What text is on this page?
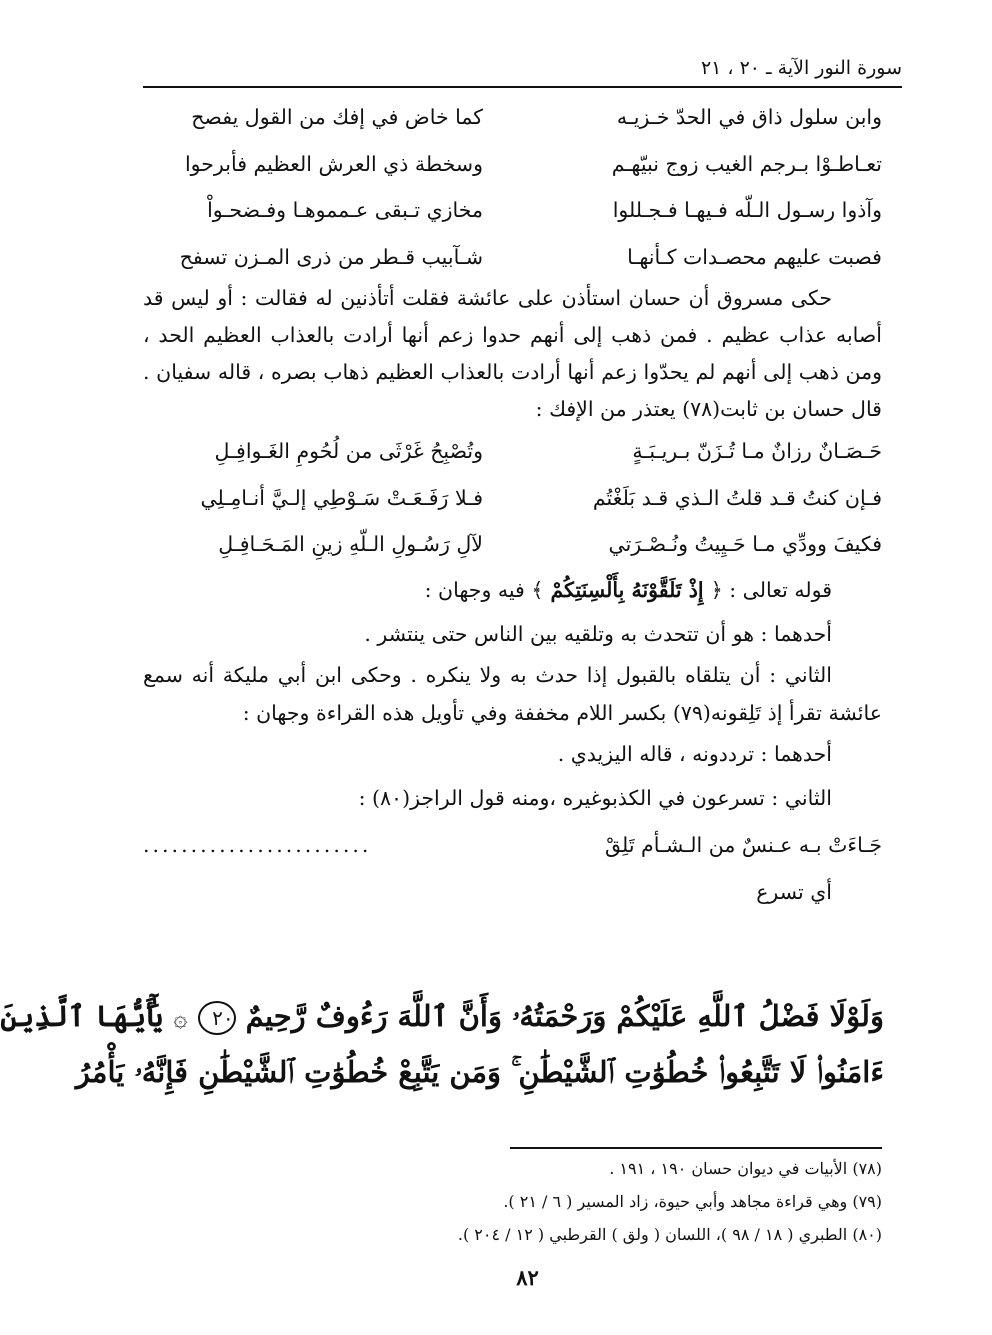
سورة النور الآية ـ ٢٠ ، ٢١
وابن سلول ذاق في الحدّ خـزيـه
كما خاض في إفك من القول يفصح
تعـاطـوْا بـرجم الغيب زوج نبيّهـم
وسخطة ذي العرش العظيم فأبرحوا
وآذوا رسـول الـلّه فـيهـا فـجـللوا
مخازي تـبقى عـمموهـا وفـضحـواْ
فصبت عليهم محصـدات كـأنهـا
شـآبيب قـطر من ذرى المـزن تسفح

حكى مسروق أن حسان استأذن على عائشة فقلت أتأذنين له فقالت : أو ليس قد أصابه عذاب عظيم . فمن ذهب إلى أنهم حدوا زعم أنها أرادت بالعذاب العظيم الحد ، ومن ذهب إلى أنهم لم يحدّوا زعم أنها أرادت بالعذاب العظيم ذهاب بصره ، قاله سفيان . قال حسان بن ثابت(٧٨) يعتذر من الإفك :

حَـصَـانٌ رزانٌ مـا تُـزَنّ بـريـبَـةٍ
وتُصْبِحُ غَرْثَى من لُحُومِ الغَـوافِـلِ
فـإن كنتُ قـد قلتُ الـذي قـد بَلَغْتُم
فـلا رَفَـعَـتْ سَـوْطِي إلـيَّ أنـامِـلِي
فكيفَ وودِّي مـا حَـيِيتُ ونُـصْـرَتي
لآلِ رَسُـولِ الـلّهِ زينِ المَـحَـافِـلِ

قوله تعالى : ﴿ إِذْ تَلَقَّوْنَهُ بِأَلْسِنَتِكُمْ ﴾ فيه وجهان :

أحدهما : هو أن تتحدث به وتلقيه بين الناس حتى ينتشر .

الثاني : أن يتلقاه بالقبول إذا حدث به ولا ينكره . وحكى ابن أبي مليكة أنه سمع عائشة تقرأ إذ تَلِقونه(٧٩) بكسر اللام مخففة وفي تأويل هذه القراءة وجهان :

أحدهما : ترددونه ، قاله اليزيدي .

الثاني : تسرعون في الكذبوغيره ،ومنه قول الراجز(٨٠) :

جَـاءَتْ بـه عـنسٌ من الـشـأم تَلِقْ
........................

أي تسرع

وَلَوْلَا فَضْلُ ٱللَّهِ عَلَيْكُمْ وَرَحْمَتُهُۥ وَأَنَّ ٱللَّهَ رَءُوفٌ رَّحِيمٌ ٢٠ ۞ يَٰٓأَيُّهَا ٱلَّذِينَ
ءَامَنُوا۟ لَا تَتَّبِعُوا۟ خُطُوَٰتِ ٱلشَّيْطَٰنِ ۚ وَمَن يَتَّبِعْ خُطُوَٰتِ ٱلشَّيْطَٰنِ فَإِنَّهُۥ يَأْمُرُ
(٧٨) الأبيات في ديوان حسان ١٩٠ ، ١٩١ .
(٧٩) وهي قراءة مجاهد وأبي حيوة، زاد المسير ( ٦ / ٢١ ).
(٨٠) الطبري ( ١٨ / ٩٨ )، اللسان ( ولق ) القرطبي ( ١٢ / ٢٠٤ ).
٨٢
